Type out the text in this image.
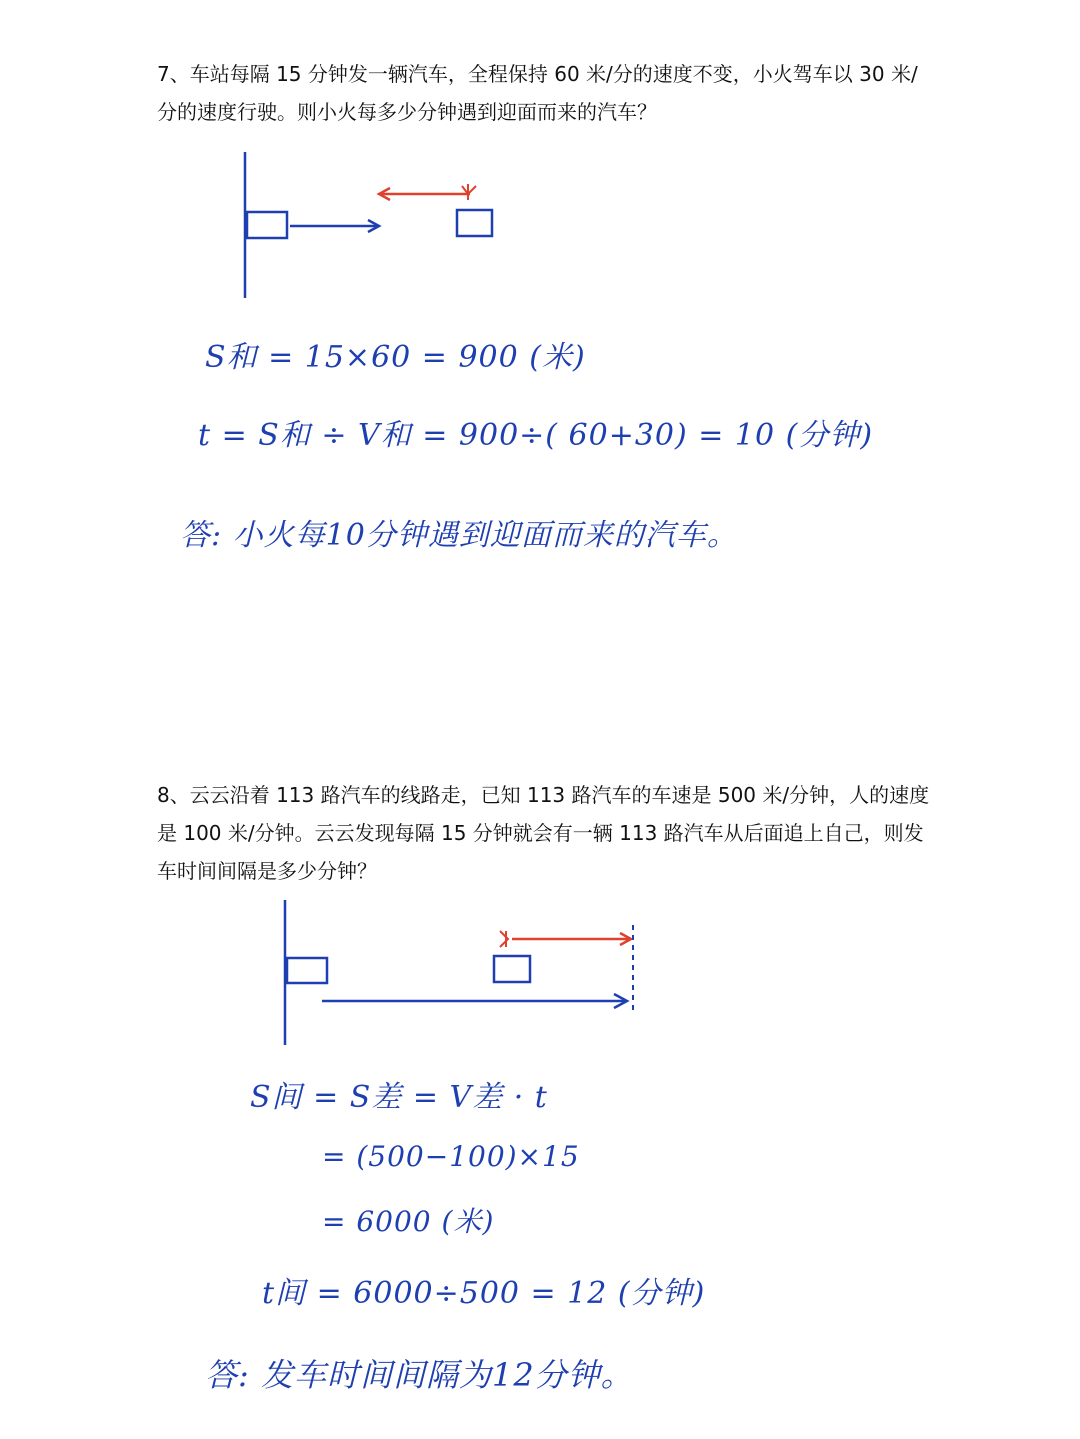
7、车站每隔 15 分钟发一辆汽车，全程保持 60 米/分的速度不变，小火驾车以 30 米/分的速度行驶。则小火每多少分钟遇到迎面而来的汽车？
S和 = 15×60 = 900 (米)
t = S和 ÷ V和 = 900÷( 60+30) = 10 (分钟)
答: 小火每10分钟遇到迎面而来的汽车。
8、云云沿着 113 路汽车的线路走，已知 113 路汽车的车速是 500 米/分钟，人的速度是 100 米/分钟。云云发现每隔 15 分钟就会有一辆 113 路汽车从后面追上自己，则发车时间间隔是多少分钟？
S间 = S差 = V差 · t
= (500−100)×15
= 6000 (米)
t间 = 6000÷500 = 12 (分钟)
答: 发车时间间隔为12分钟。
